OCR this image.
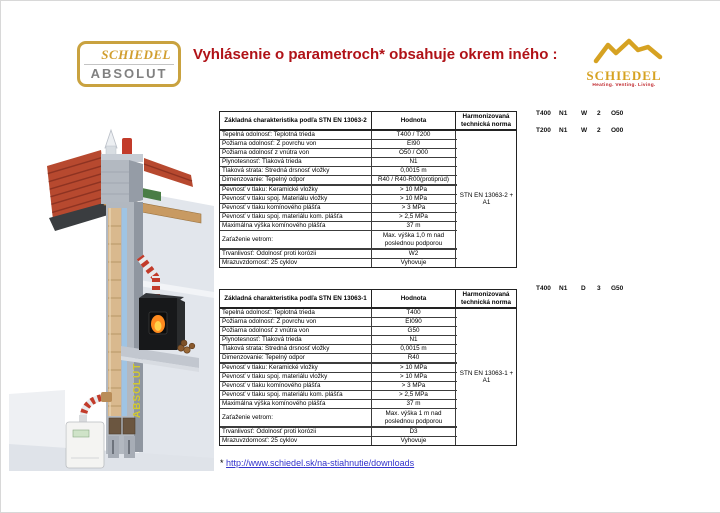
SCHIEDEL
ABSOLUT
Vyhlásenie o parametroch* obsahuje okrem iného :
SCHIEDEL
Heating. Venting. Living.
ABSOLUT
Základná charakteristika podľa STN EN 13063-2	Hodnota
Harmonizovaná technická norma
Tepelná odolnosť: Teplotná trieda	T400 / T200
Požiarna odolnosť: Z povrchu von	EI90
Požiarna odolnosť z vnútra von	O50 / O00
Plynotesnosť: Tlaková trieda	N1
Tlaková strata: Stredná drsnosť vložky	0,0015 m
Dimenzovanie: Tepelný odpor	R40 / R40-R00(protiprúd)
Pevnosť v tlaku: Keramické vložky	> 10 MPa
Pevnosť v tlaku spoj. Materiálu vložky	> 10 MPa
Pevnosť v tlaku komínového plášťa	> 3 MPa
Pevnosť v tlaku spoj. materiálu kom. plášťa	> 2,5 MPa
Maximálna výška komínového plášťa	37 m
Zaťaženie vetrom:
Max. výška 1,0 m nad poslednou podporou
Trvanlivosť: Odolnosť proti korózii	W2
Mrazuvzdornosť: 25 cyklov	Vyhovuje
STN EN 13063-2 + A1
Základná charakteristika podľa STN EN 13063-1	Hodnota
Harmonizovaná technická norma
Tepelná odolnosť: Teplotná trieda	T400
Požiarna odolnosť: Z povrchu von	EI090
Požiarna odolnosť z vnútra von	G50
Plynotesnosť: Tlaková trieda	N1
Tlaková strata: Stredná drsnosť vložky	0,0015 m
Dimenzovanie: Tepelný odpor	R40
Pevnosť v tlaku: Keramické vložky	> 10 MPa
Pevnosť v tlaku spoj. materiálu vložky	> 10 MPa
Pevnosť v tlaku komínového plášťa	> 3 MPa
Pevnosť v tlaku spoj. materiálu kom. plášťa	> 2,5 MPa
Maximálna výška komínového plášťa	37 m
Zaťaženie vetrom:
Max. výška 1 m nad poslednou podporou
Trvanlivosť: Odolnosť proti korózii	D3
Mrazuvzdornosť: 25 cyklov	Vyhovuje
STN EN 13063-1 + A1
T400	N1	W	2	O50
T200	N1	W	2	O00
T400	N1	D	3	G50
* http://www.schiedel.sk/na-stiahnutie/downloads
